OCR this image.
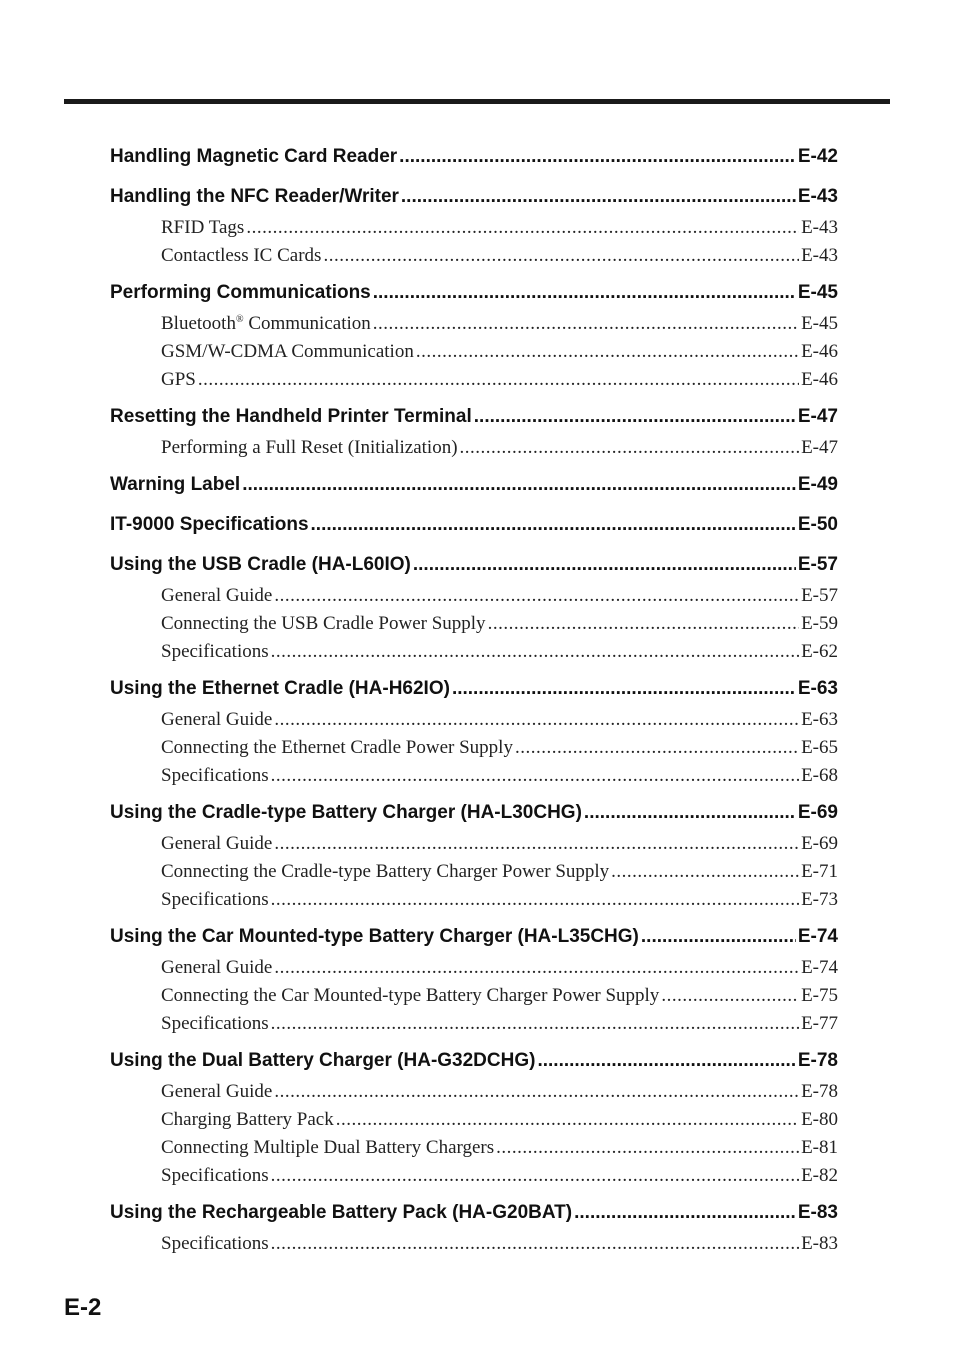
Handling Magnetic Card Reader .....	E-42
Handling the NFC Reader/Writer .....	E-43
RFID Tags .....	E-43
Contactless IC Cards .....	E-43
Performing Communications .....	E-45
Bluetooth® Communication .....	E-45
GSM/W-CDMA Communication .....	E-46
GPS .....	E-46
Resetting the Handheld Printer Terminal .....	E-47
Performing a Full Reset (Initialization) .....	E-47
Warning Label .....	E-49
IT-9000 Specifications .....	E-50
Using the USB Cradle (HA-L60IO) .....	E-57
General Guide .....	E-57
Connecting the USB Cradle Power Supply .....	E-59
Specifications .....	E-62
Using the Ethernet Cradle (HA-H62IO) .....	E-63
General Guide .....	E-63
Connecting the Ethernet Cradle Power Supply .....	E-65
Specifications .....	E-68
Using the Cradle-type Battery Charger (HA-L30CHG) .....	E-69
General Guide .....	E-69
Connecting the Cradle-type Battery Charger Power Supply .....	E-71
Specifications .....	E-73
Using the Car Mounted-type Battery Charger (HA-L35CHG) .....	E-74
General Guide .....	E-74
Connecting the Car Mounted-type Battery Charger Power Supply .....	E-75
Specifications .....	E-77
Using the Dual Battery Charger (HA-G32DCHG) .....	E-78
General Guide .....	E-78
Charging Battery Pack .....	E-80
Connecting Multiple Dual Battery Chargers .....	E-81
Specifications .....	E-82
Using the Rechargeable Battery Pack (HA-G20BAT) .....	E-83
Specifications .....	E-83
E-2
